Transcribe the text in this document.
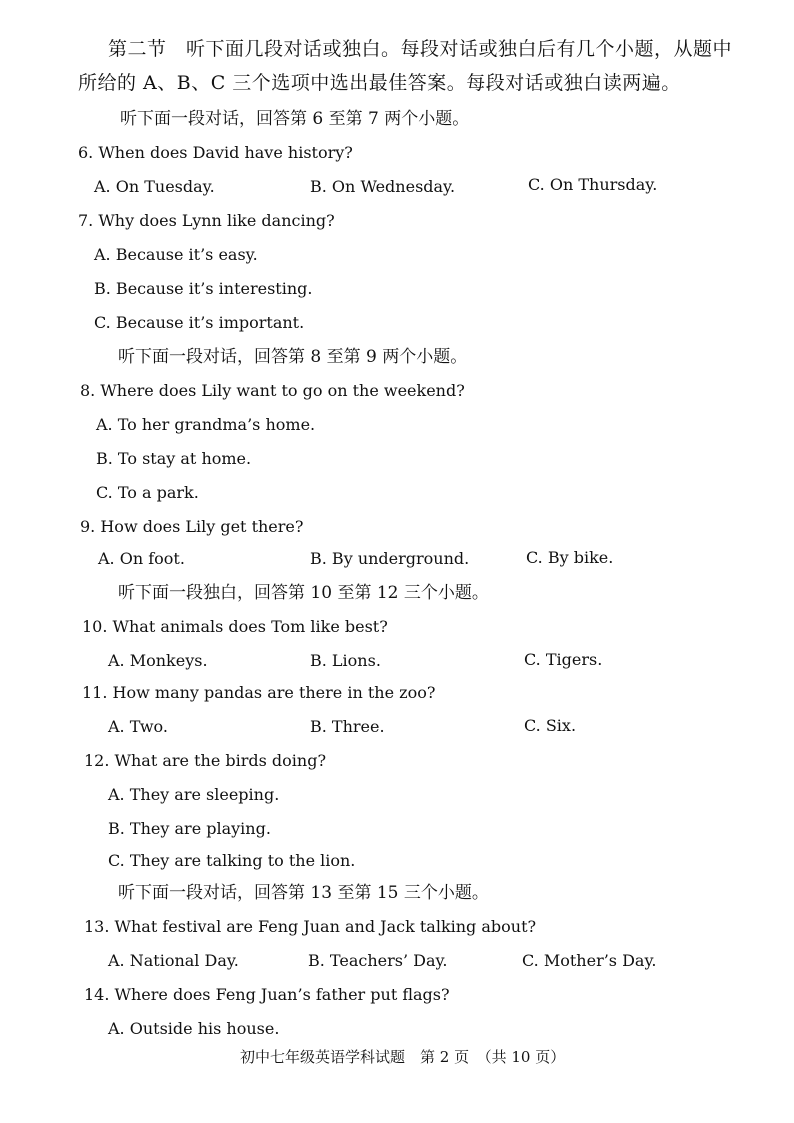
第二节　听下面几段对话或独白。每段对话或独白后有几个小题，从题中
所给的 A、B、C 三个选项中选出最佳答案。每段对话或独白读两遍。
听下面一段对话，回答第 6 至第 7 两个小题。
6. When does David have history?
A. On Tuesday.	B. On Wednesday.	C. On Thursday.
7. Why does Lynn like dancing?
A. Because it’s easy.
B. Because it’s interesting.
C. Because it’s important.
听下面一段对话，回答第 8 至第 9 两个小题。
8. Where does Lily want to go on the weekend?
A. To her grandma’s home.
B. To stay at home.
C. To a park.
9. How does Lily get there?
A. On foot.	B. By underground.	C. By bike.
听下面一段独白，回答第 10 至第 12 三个小题。
10. What animals does Tom like best?
A. Monkeys.	B. Lions.	C. Tigers.
11. How many pandas are there in the zoo?
A. Two.	B. Three.	C. Six.
12. What are the birds doing?
A. They are sleeping.
B. They are playing.
C. They are talking to the lion.
听下面一段对话，回答第 13 至第 15 三个小题。
13. What festival are Feng Juan and Jack talking about?
A. National Day.	B. Teachers’ Day.	C. Mother’s Day.
14. Where does Feng Juan’s father put flags?
A. Outside his house.
初中七年级英语学科试题　第 2 页　（共 10 页）
